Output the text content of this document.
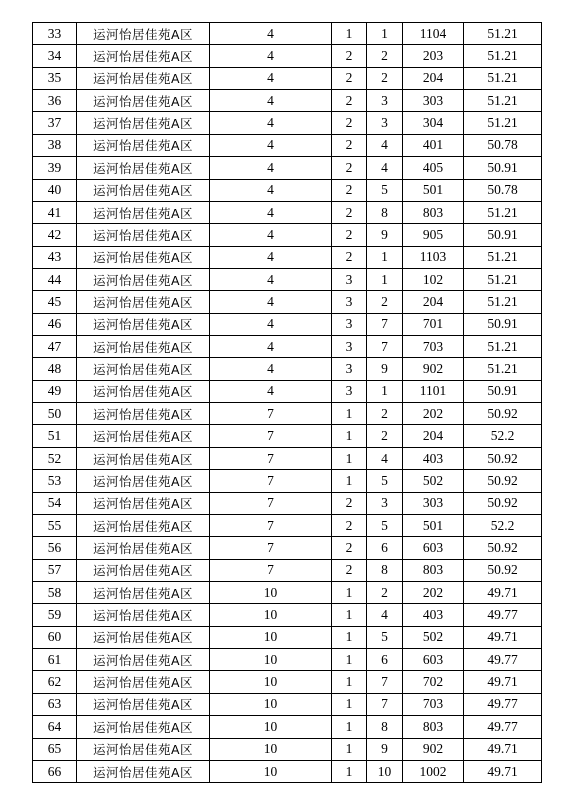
33	运河怡居佳苑A区	4	1	1	1104	51.21
34	运河怡居佳苑A区	4	2	2	203	51.21
35	运河怡居佳苑A区	4	2	2	204	51.21
36	运河怡居佳苑A区	4	2	3	303	51.21
37	运河怡居佳苑A区	4	2	3	304	51.21
38	运河怡居佳苑A区	4	2	4	401	50.78
39	运河怡居佳苑A区	4	2	4	405	50.91
40	运河怡居佳苑A区	4	2	5	501	50.78
41	运河怡居佳苑A区	4	2	8	803	51.21
42	运河怡居佳苑A区	4	2	9	905	50.91
43	运河怡居佳苑A区	4	2	1	1103	51.21
44	运河怡居佳苑A区	4	3	1	102	51.21
45	运河怡居佳苑A区	4	3	2	204	51.21
46	运河怡居佳苑A区	4	3	7	701	50.91
47	运河怡居佳苑A区	4	3	7	703	51.21
48	运河怡居佳苑A区	4	3	9	902	51.21
49	运河怡居佳苑A区	4	3	1	1101	50.91
50	运河怡居佳苑A区	7	1	2	202	50.92
51	运河怡居佳苑A区	7	1	2	204	52.2
52	运河怡居佳苑A区	7	1	4	403	50.92
53	运河怡居佳苑A区	7	1	5	502	50.92
54	运河怡居佳苑A区	7	2	3	303	50.92
55	运河怡居佳苑A区	7	2	5	501	52.2
56	运河怡居佳苑A区	7	2	6	603	50.92
57	运河怡居佳苑A区	7	2	8	803	50.92
58	运河怡居佳苑A区	10	1	2	202	49.71
59	运河怡居佳苑A区	10	1	4	403	49.77
60	运河怡居佳苑A区	10	1	5	502	49.71
61	运河怡居佳苑A区	10	1	6	603	49.77
62	运河怡居佳苑A区	10	1	7	702	49.71
63	运河怡居佳苑A区	10	1	7	703	49.77
64	运河怡居佳苑A区	10	1	8	803	49.77
65	运河怡居佳苑A区	10	1	9	902	49.71
66	运河怡居佳苑A区	10	1	10	1002	49.71
